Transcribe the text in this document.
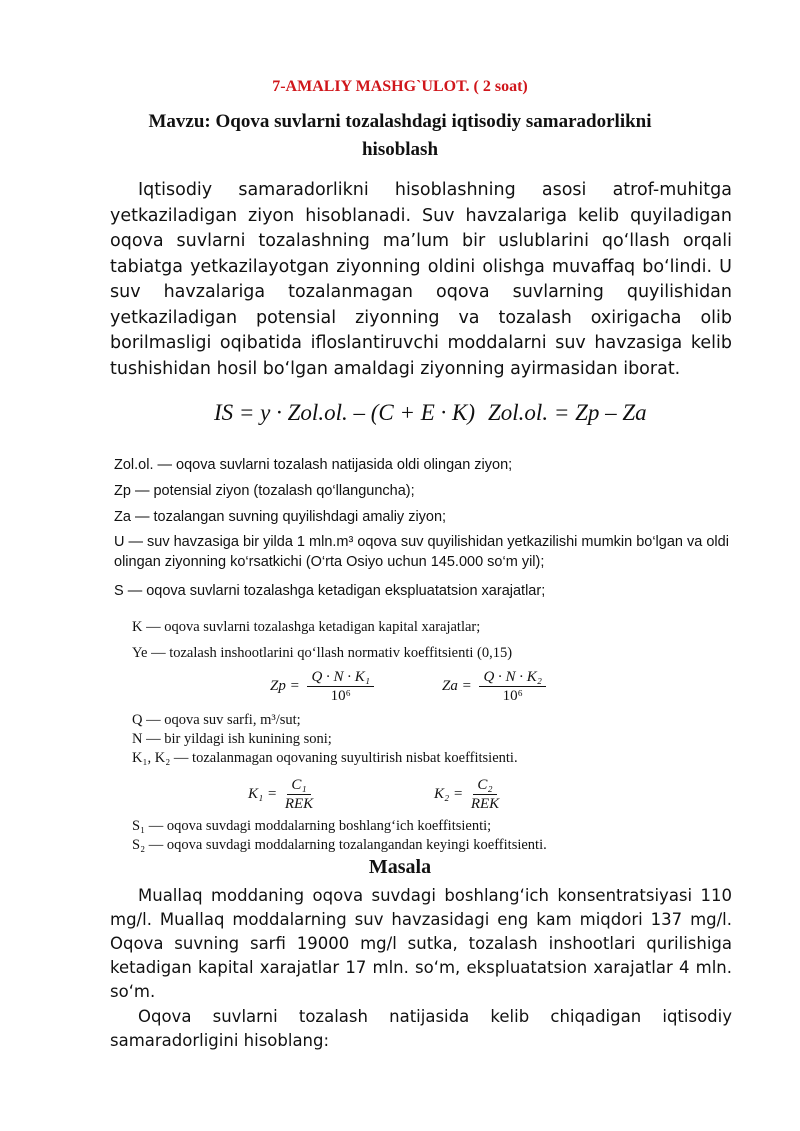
7-AMALIY MASHG`ULOT. ( 2 soat)
Mavzu: Oqova suvlarni tozalashdagi iqtisodiy samaradorlikni hisoblash
Iqtisodiy samaradorlikni hisoblashning asosi atrof-muhitga yetkaziladigan ziyon hisoblanadi. Suv havzalariga kelib quyiladigan oqova suvlarni tozalashning ma’lum bir uslublarini qo‘llash orqali tabiatga yetkazilayotgan ziyonning oldini olishga muvaffaq bo‘lindi. U suv havzalariga tozalanmagan oqova suvlarning quyilishidan yetkaziladigan potensial ziyonning va tozalash oxirigacha olib borilmasligi oqibatida ifloslantiruvchi moddalarni suv havzasiga kelib tushishidan hosil bo‘lgan amaldagi ziyonning ayirmasidan iborat.
IS = y · Zol.ol. – (C + E · K) Zol.ol. = Zp – Za
Zol.ol. — oqova suvlarni tozalash natijasida oldi olingan ziyon;
Zp — potensial ziyon (tozalash qo‘llanguncha);
Za — tozalangan suvning quyilishdagi amaliy ziyon;
U — suv havzasiga bir yilda 1 mln.m³ oqova suv quyilishidan yetkazilishi mumkin bo‘lgan va oldi olingan ziyonning ko‘rsatkichi (O‘rta Osiyo uchun 145.000 so‘m yil);
S — oqova suvlarni tozalashga ketadigan ekspluatatsion xarajatlar;
K — oqova suvlarni tozalashga ketadigan kapital xarajatlar;
Ye — tozalash inshootlarini qo‘llash normativ koeffitsienti (0,15)
$Zp = \frac{\text{Q · N · K₁}}{\text{10⁶}}$	$Za = \frac{\text{Q · N · K₂}}{\text{10⁶}}$
Q — oqova suv sarfi, m³/sut;
N — bir yildagi ish kunining soni;
K₁, K₂ — tozalanmagan oqovaning suyultirish nisbat koeffitsienti.
$K_1 = \frac{\text{C₁}}{\text{REK}}$	$K_2 = \frac{\text{C₂}}{\text{REK}}$
S₁ — oqova suvdagi moddalarning boshlang‘ich koeffitsienti;
S₂ — oqova suvdagi moddalarning tozalangandan keyingi koeffitsienti.
Masala
Muallaq moddaning oqova suvdagi boshlang‘ich konsentratsiyasi 110 mg/l. Muallaq moddalarning suv havzasidagi eng kam miqdori 137 mg/l. Oqova suvning sarfi 19000 mg/l sutka, tozalash inshootlari qurilishiga ketadigan kapital xarajatlar 17 mln. so‘m, ekspluatatsion xarajatlar 4 mln. so‘m.
Oqova suvlarni tozalash natijasida kelib chiqadigan iqtisodiy samaradorligini hisoblang:
